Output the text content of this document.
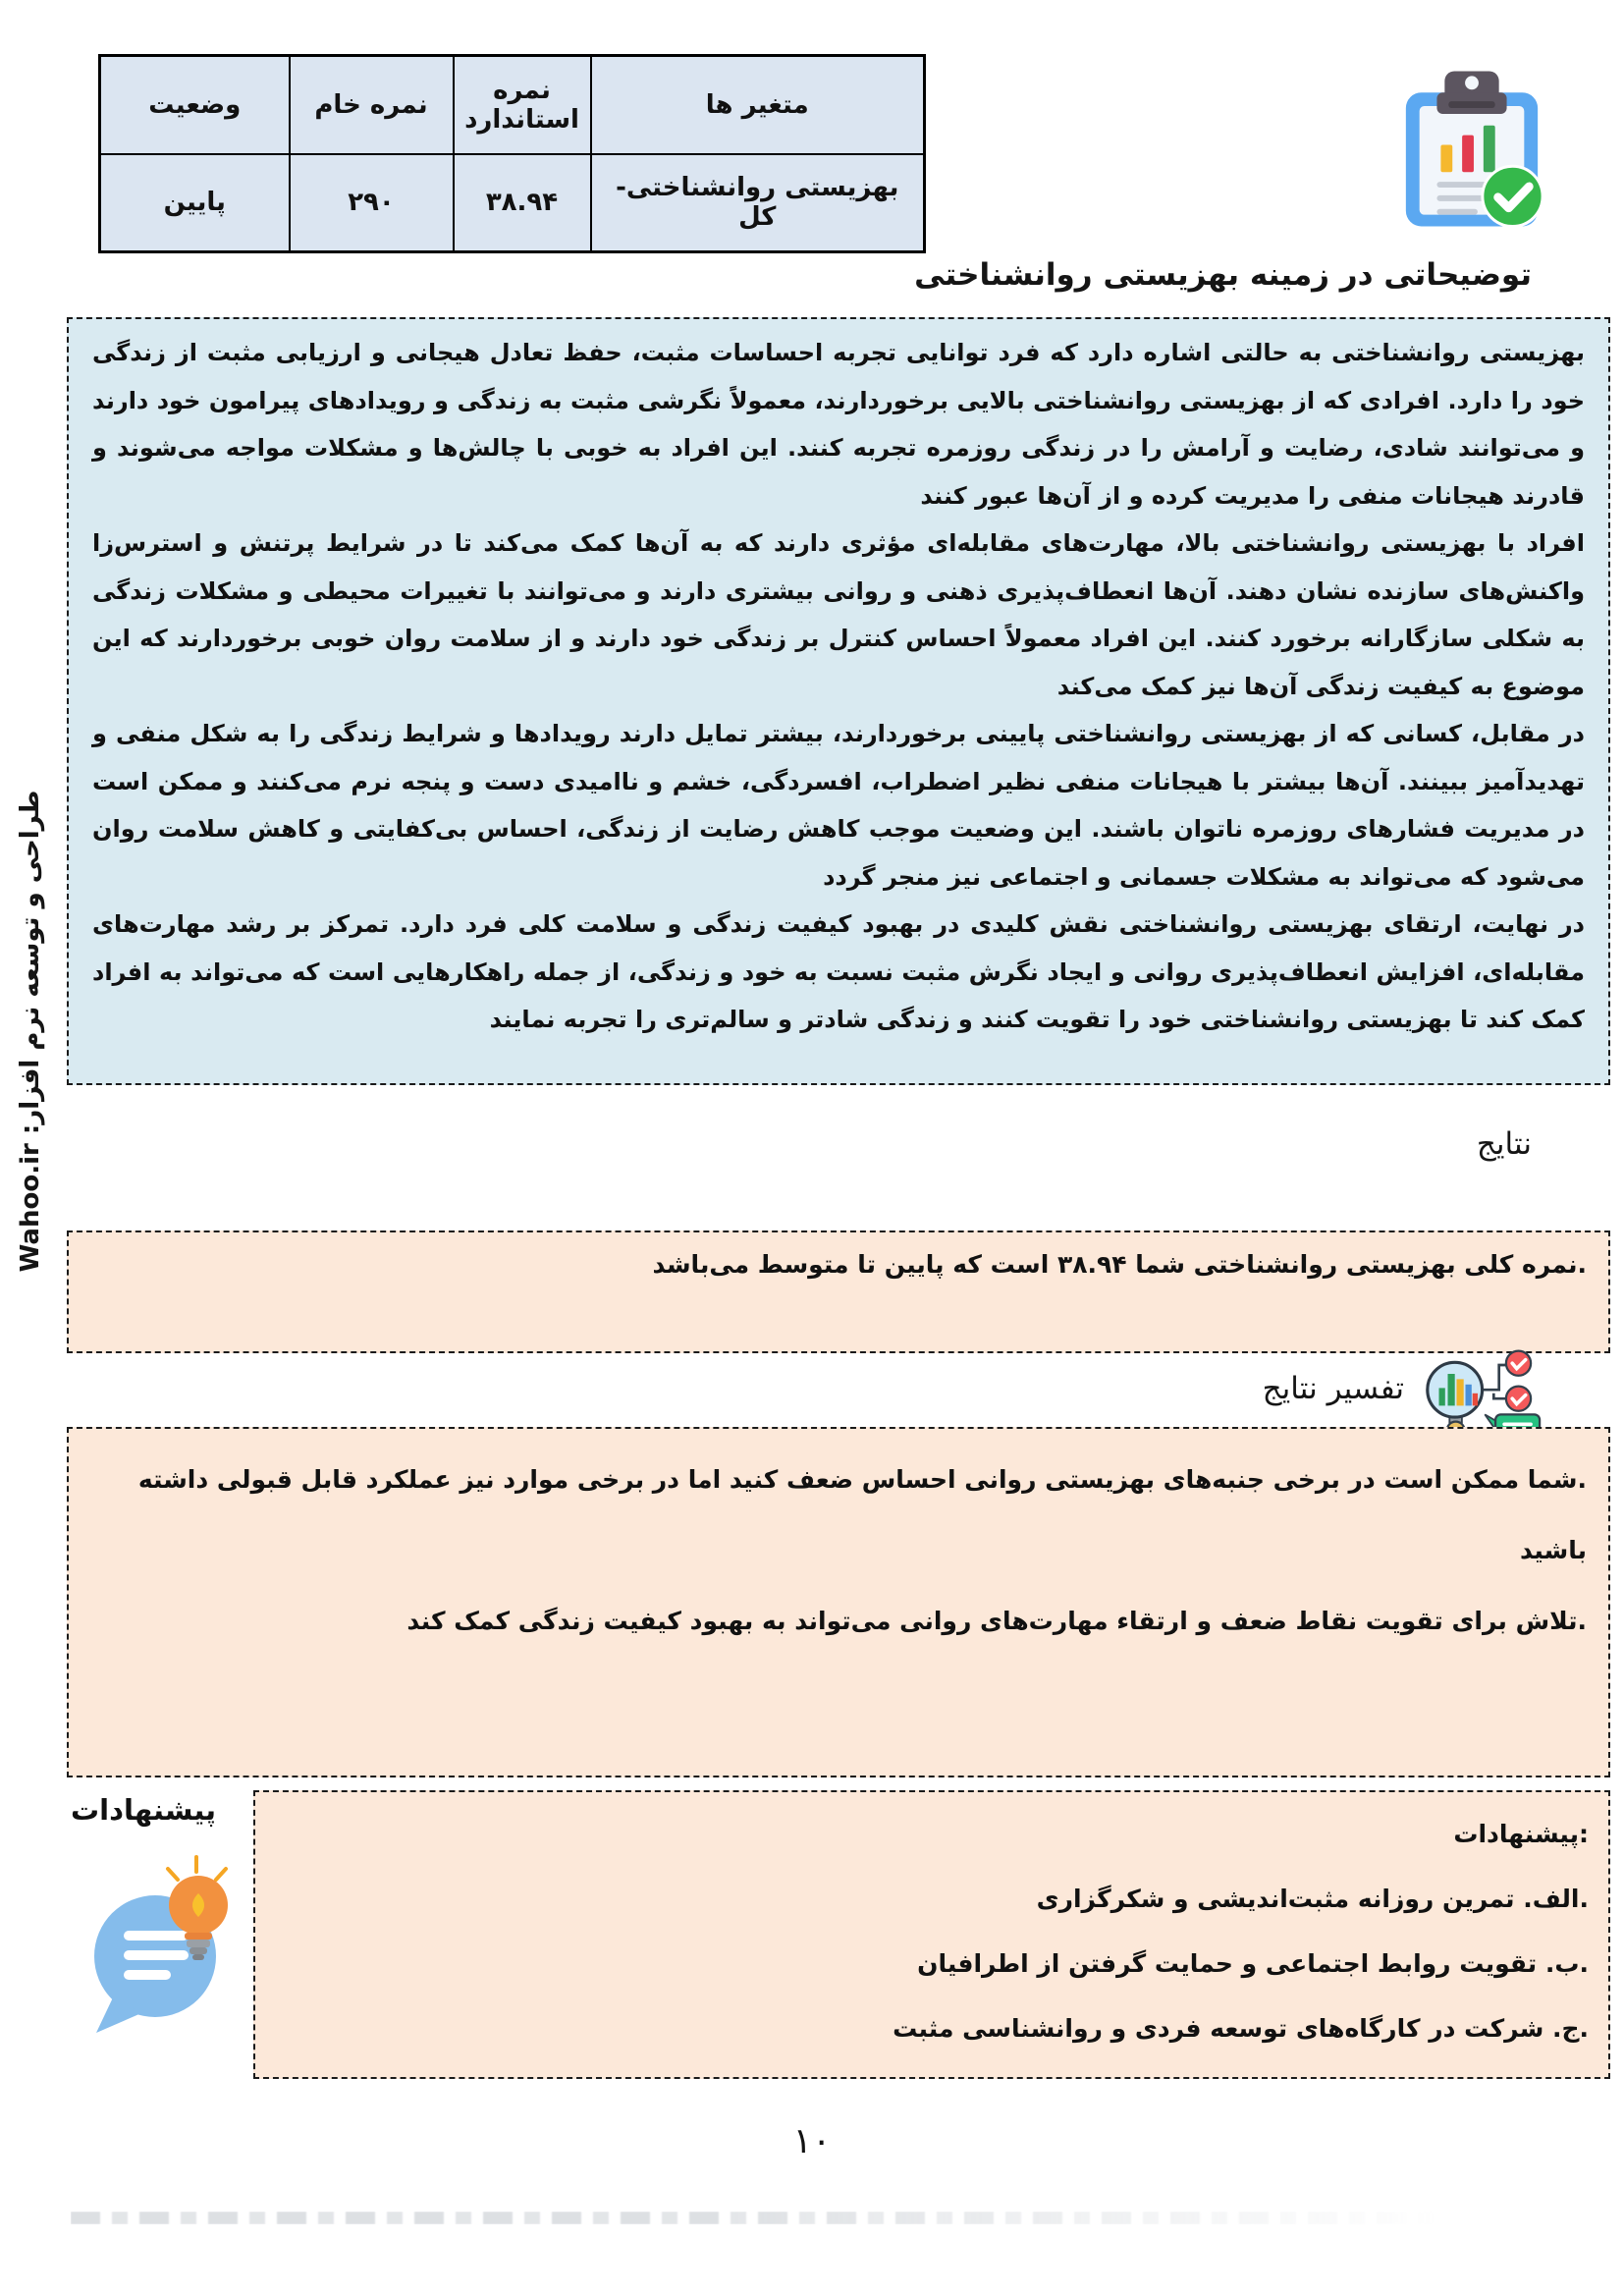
متغیر ها	نمره استاندارد	نمره خام	وضعیت
بهزیستی روانشناختی-کل	۳۸.۹۴	۲۹۰	پایین
توضیحاتی در زمینه بهزیستی روانشناختی

بهزیستی روانشناختی به حالتی اشاره دارد که فرد توانایی تجربه احساسات مثبت، حفظ تعادل هیجانی و ارزیابی مثبت از زندگی خود را دارد. افرادی که از بهزیستی روانشناختی بالایی برخوردارند، معمولاً نگرشی مثبت به زندگی و رویدادهای پیرامون خود دارند و می‌توانند شادی، رضایت و آرامش را در زندگی روزمره تجربه کنند. این افراد به خوبی با چالش‌ها و مشکلات مواجه می‌شوند و قادرند هیجانات منفی را مدیریت کرده و از آن‌ها عبور کنند

افراد با بهزیستی روانشناختی بالا، مهارت‌های مقابله‌ای مؤثری دارند که به آن‌ها کمک می‌کند تا در شرایط پرتنش و استرس‌زا واکنش‌های سازنده نشان دهند. آن‌ها انعطاف‌پذیری ذهنی و روانی بیشتری دارند و می‌توانند با تغییرات محیطی و مشکلات زندگی به شکلی سازگارانه برخورد کنند. این افراد معمولاً احساس کنترل بر زندگی خود دارند و از سلامت روان خوبی برخوردارند که این موضوع به کیفیت زندگی آن‌ها نیز کمک می‌کند

در مقابل، کسانی که از بهزیستی روانشناختی پایینی برخوردارند، بیشتر تمایل دارند رویدادها و شرایط زندگی را به شکل منفی و تهدیدآمیز ببینند. آن‌ها بیشتر با هیجانات منفی نظیر اضطراب، افسردگی، خشم و ناامیدی دست و پنجه نرم می‌کنند و ممکن است در مدیریت فشارهای روزمره ناتوان باشند. این وضعیت موجب کاهش رضایت از زندگی، احساس بی‌کفایتی و کاهش سلامت روان می‌شود که می‌تواند به مشکلات جسمانی و اجتماعی نیز منجر گردد

در نهایت، ارتقای بهزیستی روانشناختی نقش کلیدی در بهبود کیفیت زندگی و سلامت کلی فرد دارد. تمرکز بر رشد مهارت‌های مقابله‌ای، افزایش انعطاف‌پذیری روانی و ایجاد نگرش مثبت نسبت به خود و زندگی، از جمله راهکارهایی است که می‌تواند به افراد کمک کند تا بهزیستی روانشناختی خود را تقویت کنند و زندگی شادتر و سالم‌تری را تجربه نمایند

نتایج

.نمره کلی بهزیستی روانشناختی شما ۳۸.۹۴ است که پایین تا متوسط می‌باشد

تفسیر نتایج

.شما ممکن است در برخی جنبه‌های بهزیستی روانی احساس ضعف کنید اما در برخی موارد نیز عملکرد قابل قبولی داشته باشید

.تلاش برای تقویت نقاط ضعف و ارتقاء مهارت‌های روانی می‌تواند به بهبود کیفیت زندگی کمک کند

پیشنهادات

:پیشنهادات

.الف. تمرین روزانه مثبت‌اندیشی و شکرگزاری

.ب. تقویت روابط اجتماعی و حمایت گرفتن از اطرافیان

.ج. شرکت در کارگاه‌های توسعه فردی و روانشناسی مثبت

طراحی و توسعه نرم افزار: Wahoo.ir
۱۰
